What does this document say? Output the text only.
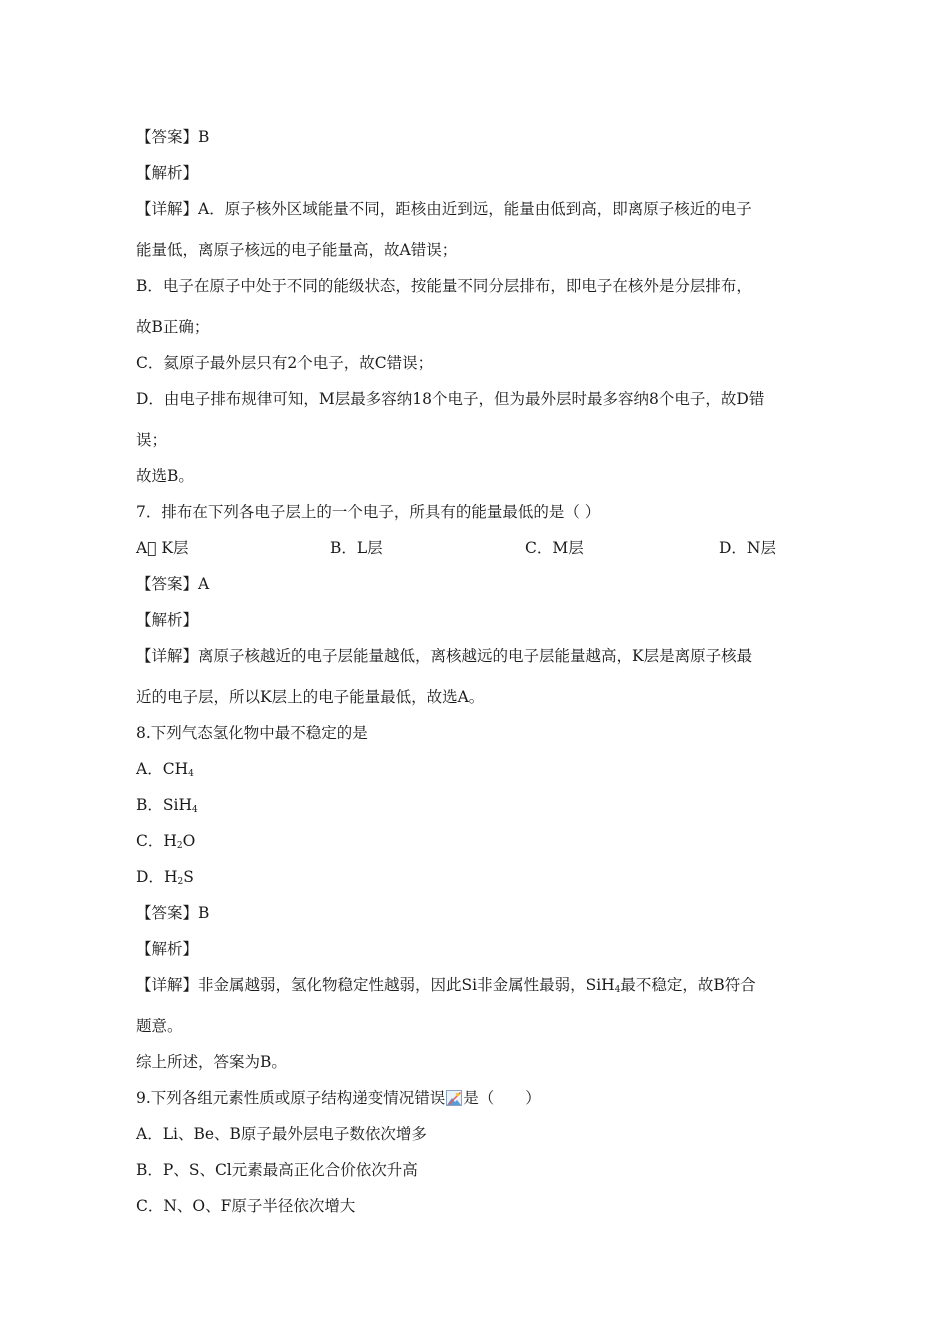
【答案】B
【解析】
【详解】A．原子核外区域能量不同，距核由近到远，能量由低到高，即离原子核近的电子
能量低，离原子核远的电子能量高，故A错误；
B．电子在原子中处于不同的能级状态，按能量不同分层排布，即电子在核外是分层排布，
故B正确；
C．氦原子最外层只有2个电子，故C错误；
D．由电子排布规律可知，M层最多容纳18个电子，但为最外层时最多容纳8个电子，故D错
误；
故选B。
7．排布在下列各电子层上的一个电子，所具有的能量最低的是（ ）
A⃞ K层	B．L层	C．M层	D．N层
【答案】A
【解析】
【详解】离原子核越近的电子层能量越低，离核越远的电子层能量越高，K层是离原子核最
近的电子层，所以K层上的电子能量最低，故选A。
8.下列气态氢化物中最不稳定的是
A．$CH_4$
B．SiH$_4$
C．$H_2O$
D．$H_2S$
【答案】B
【解析】
【详解】非金属越弱，氢化物稳定性越弱，因此Si非金属性最弱，SiH$_4$最不稳定，故B符合
题意。
综上所述，答案为B。
9.下列各组元素性质或原子结构递变情况错误 是（　　）
A．Li、Be、B原子最外层电子数依次增多
B．P、S、Cl元素最高正化合价依次升高
C．N、O、F原子半径依次增大
